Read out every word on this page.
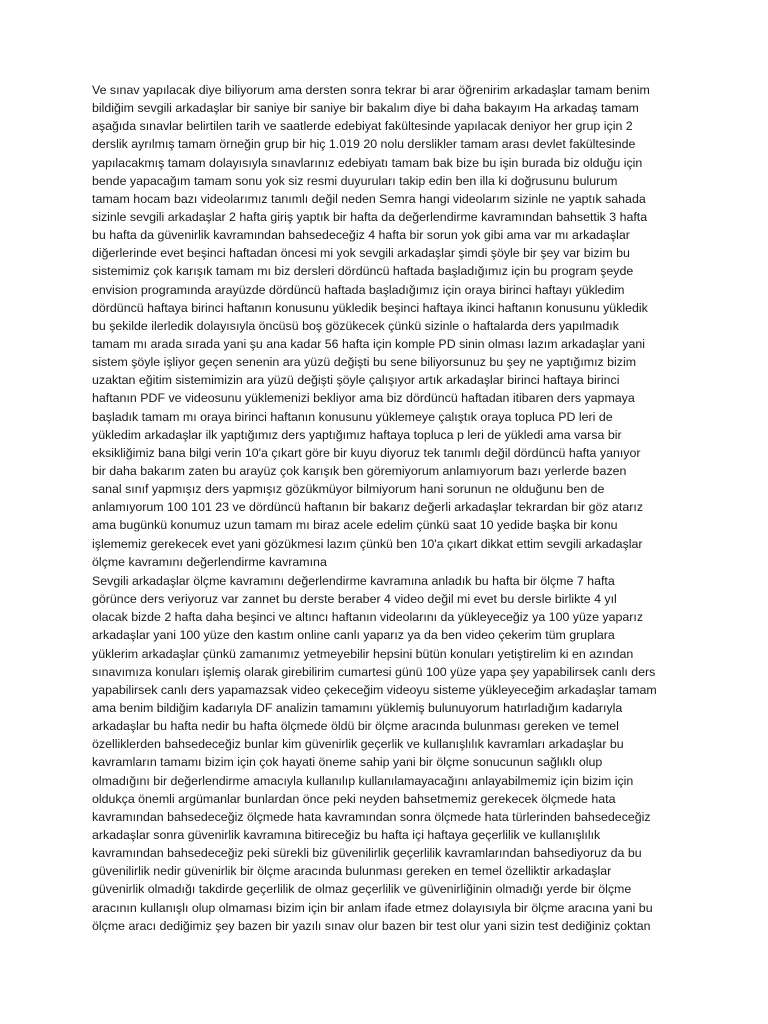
Ve sınav yapılacak diye biliyorum ama dersten sonra tekrar bi arar öğrenirim arkadaşlar tamam benim
bildiğim sevgili arkadaşlar bir saniye bir saniye bir bakalım diye bi daha bakayım Ha arkadaş tamam
aşağıda sınavlar belirtilen tarih ve saatlerde edebiyat fakültesinde yapılacak deniyor her grup için 2
derslik ayrılmış tamam örneğin grup bir hiç 1.019 20 nolu derslikler tamam arası devlet fakültesinde
yapılacakmış tamam dolayısıyla sınavlarınız edebiyatı tamam bak bize bu işin burada biz olduğu için
bende yapacağım tamam sonu yok siz resmi duyuruları takip edin ben illa ki doğrusunu bulurum
tamam hocam bazı videolarımız tanımlı değil neden Semra hangi videolarım sizinle ne yaptık sahada
sizinle sevgili arkadaşlar 2 hafta giriş yaptık bir hafta da değerlendirme kavramından bahsettik 3 hafta
bu hafta da güvenirlik kavramından bahsedeceğiz 4 hafta bir sorun yok gibi ama var mı arkadaşlar
diğerlerinde evet beşinci haftadan öncesi mi yok sevgili arkadaşlar şimdi şöyle bir şey var bizim bu
sistemimiz çok karışık tamam mı biz dersleri dördüncü haftada başladığımız için bu program şeyde
envision programında arayüzde dördüncü haftada başladığımız için oraya birinci haftayı yükledim
dördüncü haftaya birinci haftanın konusunu yükledik beşinci haftaya ikinci haftanın konusunu yükledik
bu şekilde ilerledik dolayısıyla öncüsü boş gözükecek çünkü sizinle o haftalarda ders yapılmadık
tamam mı arada sırada yani şu ana kadar 56 hafta için komple PD sinin olması lazım arkadaşlar yani
sistem şöyle işliyor geçen senenin ara yüzü değişti bu sene biliyorsunuz bu şey ne yaptığımız bizim
uzaktan eğitim sistemimizin ara yüzü değişti şöyle çalışıyor artık arkadaşlar birinci haftaya birinci
haftanın PDF ve videosunu yüklemenizi bekliyor ama biz dördüncü haftadan itibaren ders yapmaya
başladık tamam mı oraya birinci haftanın konusunu yüklemeye çalıştık oraya topluca PD leri de
yükledim arkadaşlar ilk yaptığımız ders yaptığımız haftaya topluca p leri de yükledi ama varsa bir
eksikliğimiz bana bilgi verin 10'a çıkart göre bir kuyu diyoruz tek tanımlı değil dördüncü hafta yanıyor
bir daha bakarım zaten bu arayüz çok karışık ben göremiyorum anlamıyorum bazı yerlerde bazen
sanal sınıf yapmışız ders yapmışız gözükmüyor bilmiyorum hani sorunun ne olduğunu ben de
anlamıyorum 100 101 23 ve dördüncü haftanın bir bakarız değerli arkadaşlar tekrardan bir göz atarız
ama bugünkü konumuz uzun tamam mı biraz acele edelim çünkü saat 10 yedide başka bir konu
işlememiz gerekecek evet yani gözükmesi lazım çünkü ben 10'a çıkart dikkat ettim sevgili arkadaşlar
ölçme kavramını değerlendirme kavramına
Sevgili arkadaşlar ölçme kavramını değerlendirme kavramına anladık bu hafta bir ölçme 7 hafta
görünce ders veriyoruz var zannet bu derste beraber 4 video değil mi evet bu dersle birlikte 4 yıl
olacak bizde 2 hafta daha beşinci ve altıncı haftanın videolarını da yükleyeceğiz ya 100 yüze yaparız
arkadaşlar yani 100 yüze den kastım online canlı yaparız ya da ben video çekerim tüm gruplara
yüklerim arkadaşlar çünkü zamanımız yetmeyebilir hepsini bütün konuları yetiştirelim ki en azından
sınavımıza konuları işlemiş olarak girebilirim cumartesi günü 100 yüze yapa şey yapabilirsek canlı ders
yapabilirsek canlı ders yapamazsak video çekeceğim videoyu sisteme yükleyeceğim arkadaşlar tamam
ama benim bildiğim kadarıyla DF analizin tamamını yüklemiş bulunuyorum hatırladığım kadarıyla
arkadaşlar bu hafta nedir bu hafta ölçmede öldü bir ölçme aracında bulunması gereken ve temel
özelliklerden bahsedeceğiz bunlar kim güvenirlik geçerlik ve kullanışlılık kavramları arkadaşlar bu
kavramların tamamı bizim için çok hayati öneme sahip yani bir ölçme sonucunun sağlıklı olup
olmadığını bir değerlendirme amacıyla kullanılıp kullanılamayacağını anlayabilmemiz için bizim için
oldukça önemli argümanlar bunlardan önce peki neyden bahsetmemiz gerekecek ölçmede hata
kavramından bahsedeceğiz ölçmede hata kavramından sonra ölçmede hata türlerinden bahsedeceğiz
arkadaşlar sonra güvenirlik kavramına bitireceğiz bu hafta içi haftaya geçerlilik ve kullanışlılık
kavramından bahsedeceğiz peki sürekli biz güvenilirlik geçerlilik kavramlarından bahsediyoruz da bu
güvenilirlik nedir güvenirlik bir ölçme aracında bulunması gereken en temel özelliktir arkadaşlar
güvenirlik olmadığı takdirde geçerlilik de olmaz geçerlilik ve güvenirliğinin olmadığı yerde bir ölçme
aracının kullanışlı olup olmaması bizim için bir anlam ifade etmez dolayısıyla bir ölçme aracına yani bu
ölçme aracı dediğimiz şey bazen bir yazılı sınav olur bazen bir test olur yani sizin test dediğiniz çoktan
